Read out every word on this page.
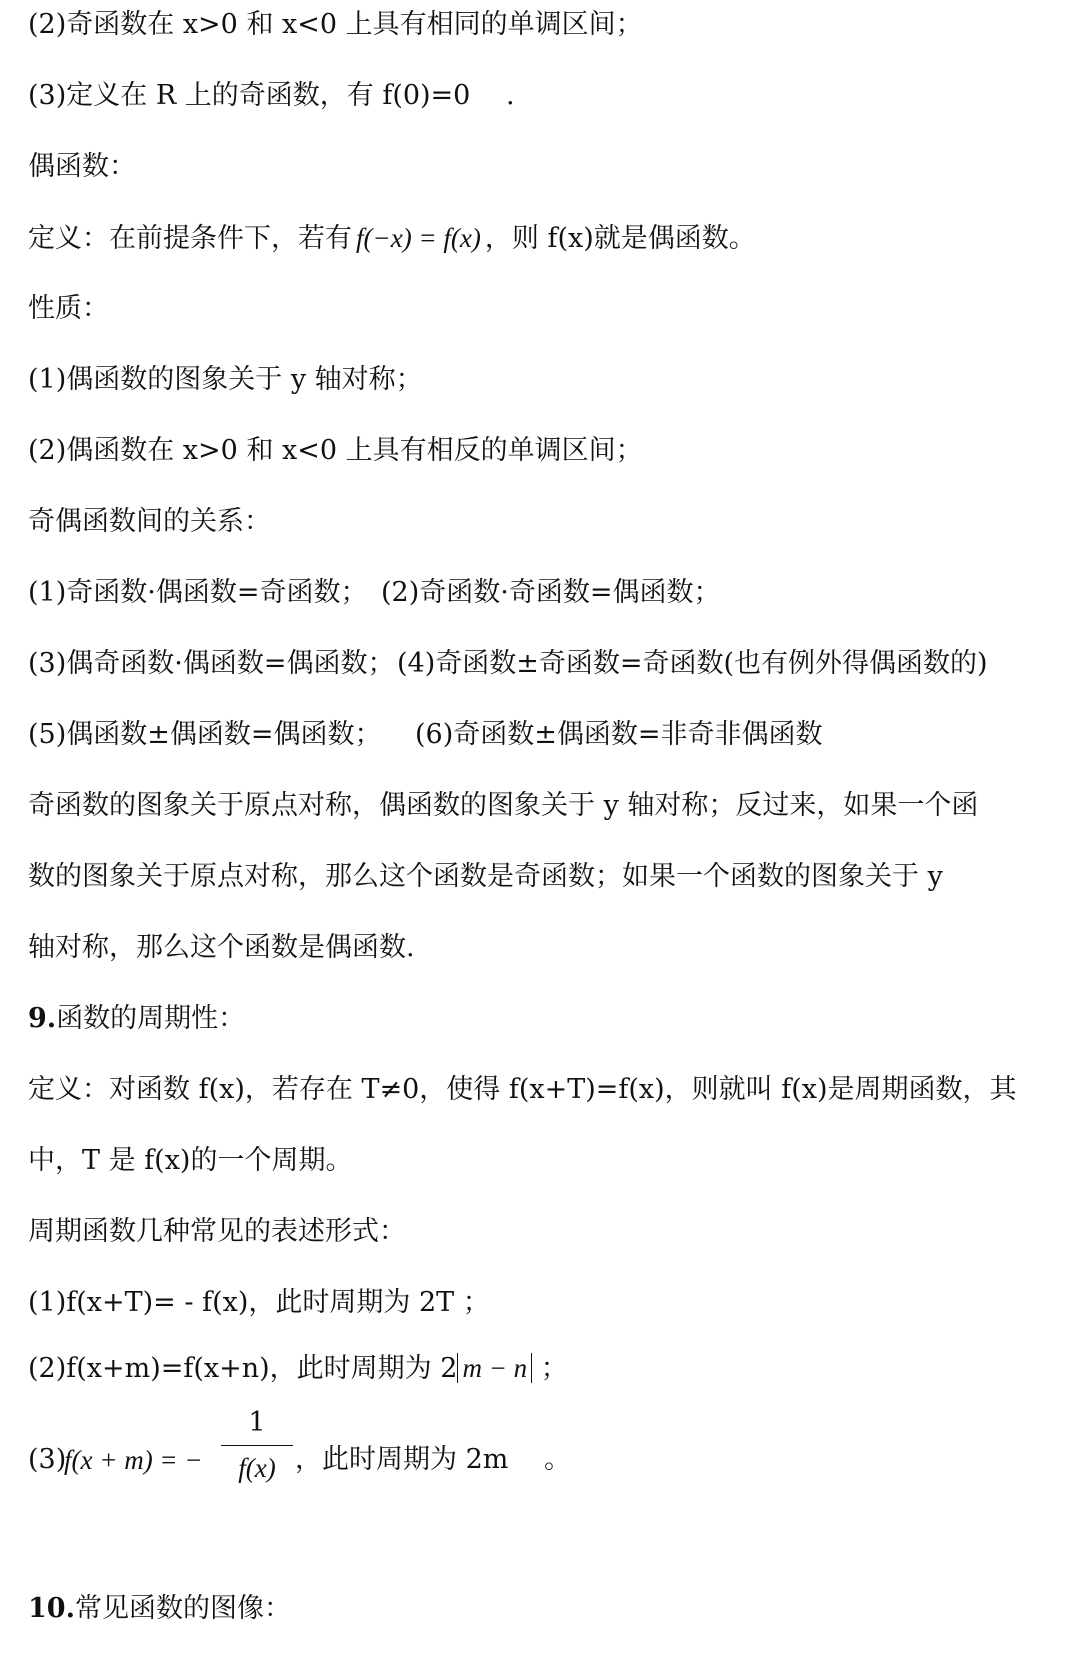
(2)奇函数在 x>0 和 x<0 上具有相同的单调区间；
(3)定义在 R 上的奇函数，有 f(0)=0　 .
偶函数：
定义：在前提条件下，若有 f(−x) = f(x) ，则 f(x)就是偶函数。
性质：
(1)偶函数的图象关于 y 轴对称；
(2)偶函数在 x>0 和 x<0 上具有相反的单调区间；
奇偶函数间的关系：
(1)奇函数·偶函数=奇函数； (2)奇函数·奇函数=偶函数；
(3)偶奇函数·偶函数=偶函数；(4)奇函数±奇函数=奇函数(也有例外得偶函数的)
(5)偶函数±偶函数=偶函数； (6)奇函数±偶函数=非奇非偶函数
奇函数的图象关于原点对称，偶函数的图象关于 y 轴对称；反过来，如果一个函
数的图象关于原点对称，那么这个函数是奇函数；如果一个函数的图象关于 y
轴对称，那么这个函数是偶函数.
9.函数的周期性：
定义：对函数 f(x)，若存在 T≠0，使得 f(x+T)=f(x)，则就叫 f(x)是周期函数，其
中，T 是 f(x)的一个周期。
周期函数几种常见的表述形式：
(1)f(x+T)= - f(x)，此时周期为 2T ；
(2)f(x+m)=f(x+n)，此时周期为 2 m − n ；
(3)
f(x + m) = −
1
f(x) ，此时周期为 2m　 。
10.常见函数的图像：
